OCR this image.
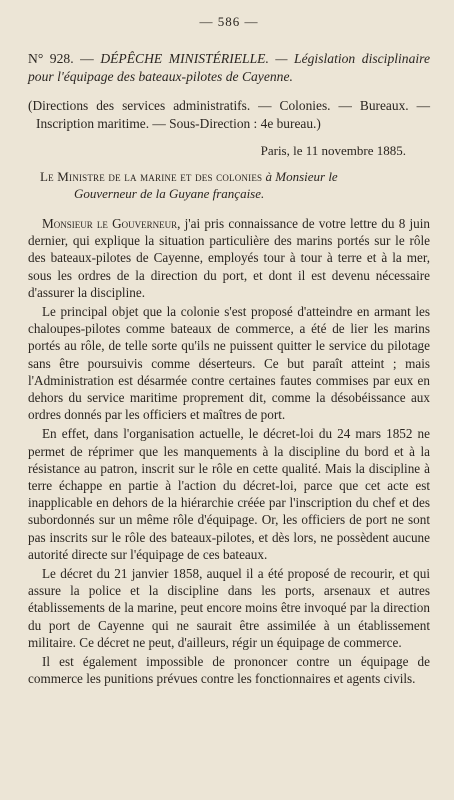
— 586 —

N° 928. — DÉPÊCHE MINISTÉRIELLE. — Législation disciplinaire pour l'équipage des bateaux-pilotes de Cayenne.

(Directions des services administratifs. — Colonies. — Bureaux. — Inscription maritime. — Sous-Direction : 4e bureau.)

Paris, le 11 novembre 1885.

Le Ministre de la marine et des colonies à Monsieur le
Gouverneur de la Guyane française.

Monsieur le Gouverneur, j'ai pris connaissance de votre lettre du 8 juin dernier, qui explique la situation particulière des marins portés sur le rôle des bateaux-pilotes de Cayenne, employés tour à tour à terre et à la mer, sous les ordres de la direction du port, et dont il est devenu nécessaire d'assurer la discipline.

Le principal objet que la colonie s'est proposé d'atteindre en armant les chaloupes-pilotes comme bateaux de commerce, a été de lier les marins portés au rôle, de telle sorte qu'ils ne puissent quitter le service du pilotage sans être poursuivis comme déserteurs. Ce but paraît atteint ; mais l'Administration est désarmée contre certaines fautes commises par eux en dehors du service maritime proprement dit, comme la désobéissance aux ordres donnés par les officiers et maîtres de port.

En effet, dans l'organisation actuelle, le décret-loi du 24 mars 1852 ne permet de réprimer que les manquements à la discipline du bord et à la résistance au patron, inscrit sur le rôle en cette qualité. Mais la discipline à terre échappe en partie à l'action du décret-loi, parce que cet acte est inapplicable en dehors de la hiérarchie créée par l'inscription du chef et des subordonnés sur un même rôle d'équipage. Or, les officiers de port ne sont pas inscrits sur le rôle des bateaux-pilotes, et dès lors, ne possèdent aucune autorité directe sur l'équipage de ces bateaux.

Le décret du 21 janvier 1858, auquel il a été proposé de recourir, et qui assure la police et la discipline dans les ports, arsenaux et autres établissements de la marine, peut encore moins être invoqué par la direction du port de Cayenne qui ne saurait être assimilée à un établissement militaire. Ce décret ne peut, d'ailleurs, régir un équipage de commerce.

Il est également impossible de prononcer contre un équipage de commerce les punitions prévues contre les fonctionnaires et agents civils.
